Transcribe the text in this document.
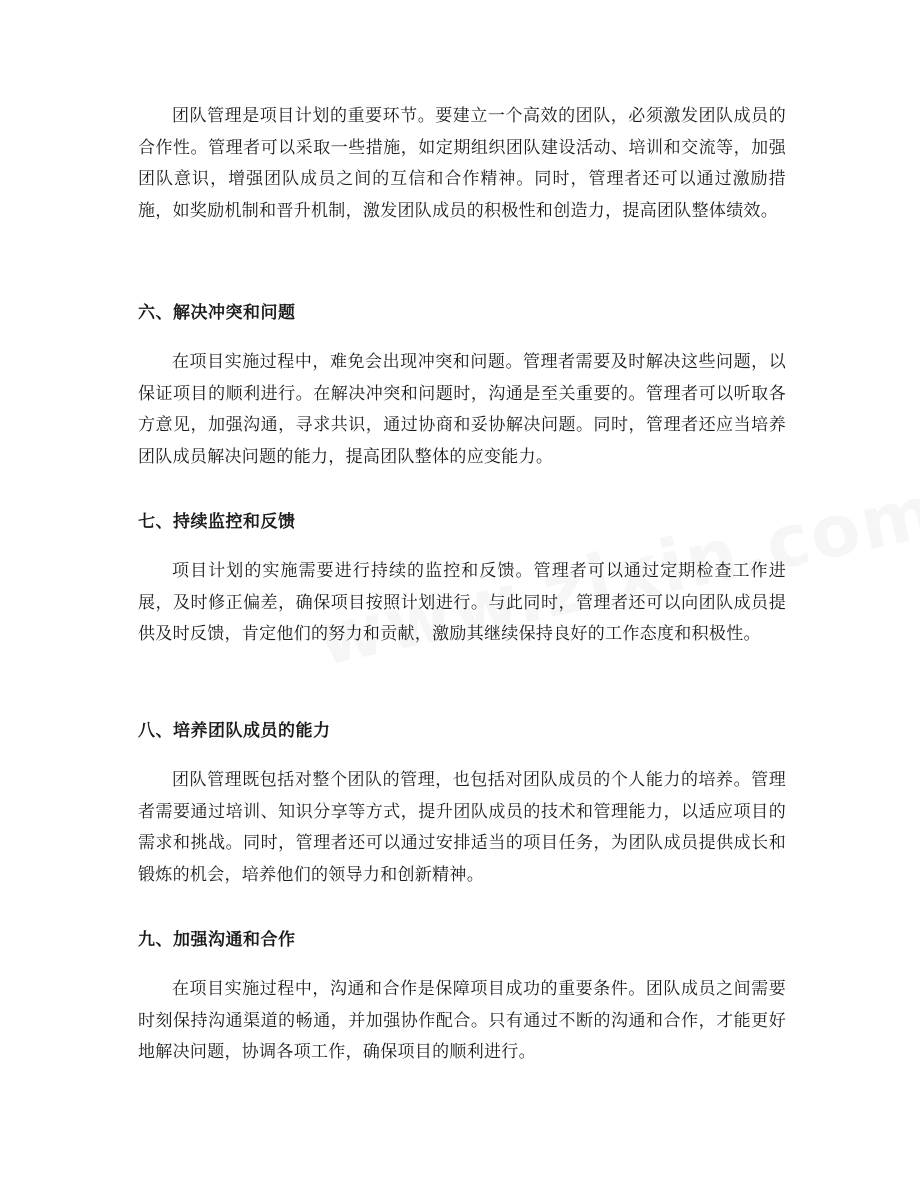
团队管理是项目计划的重要环节。要建立一个高效的团队，必须激发团队成员的合作性。管理者可以采取一些措施，如定期组织团队建设活动、培训和交流等，加强团队意识，增强团队成员之间的互信和合作精神。同时，管理者还可以通过激励措施，如奖励机制和晋升机制，激发团队成员的积极性和创造力，提高团队整体绩效。

六、解决冲突和问题

在项目实施过程中，难免会出现冲突和问题。管理者需要及时解决这些问题，以保证项目的顺利进行。在解决冲突和问题时，沟通是至关重要的。管理者可以听取各方意见，加强沟通，寻求共识，通过协商和妥协解决问题。同时，管理者还应当培养团队成员解决问题的能力，提高团队整体的应变能力。

七、持续监控和反馈

项目计划的实施需要进行持续的监控和反馈。管理者可以通过定期检查工作进展，及时修正偏差，确保项目按照计划进行。与此同时，管理者还可以向团队成员提供及时反馈，肯定他们的努力和贡献，激励其继续保持良好的工作态度和积极性。

八、培养团队成员的能力

团队管理既包括对整个团队的管理，也包括对团队成员的个人能力的培养。管理者需要通过培训、知识分享等方式，提升团队成员的技术和管理能力，以适应项目的需求和挑战。同时，管理者还可以通过安排适当的项目任务，为团队成员提供成长和锻炼的机会，培养他们的领导力和创新精神。

九、加强沟通和合作

在项目实施过程中，沟通和合作是保障项目成功的重要条件。团队成员之间需要时刻保持沟通渠道的畅通，并加强协作配合。只有通过不断的沟通和合作，才能更好地解决问题，协调各项工作，确保项目的顺利进行。
